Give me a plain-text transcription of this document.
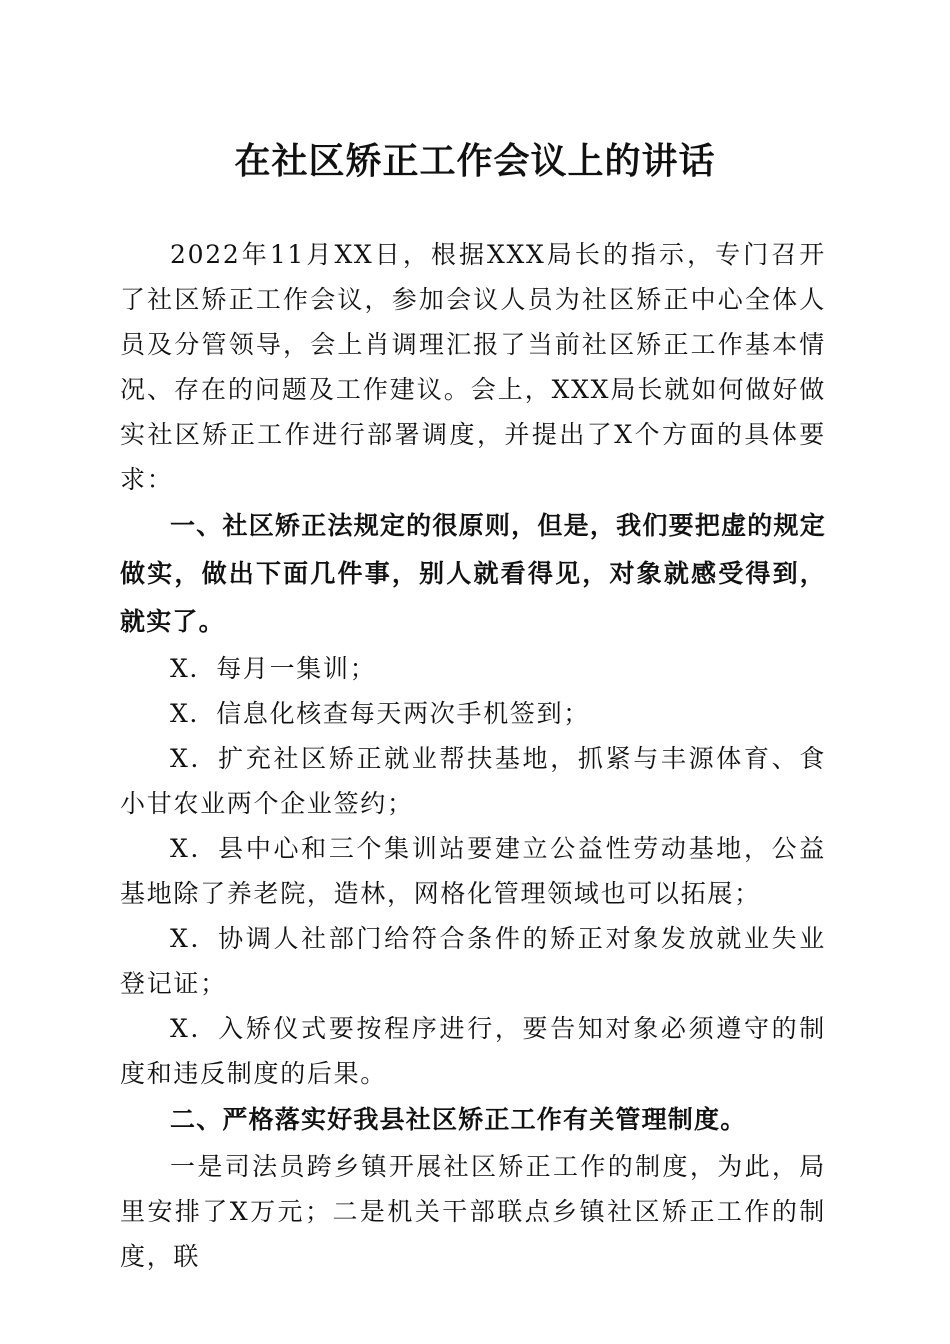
在社区矫正工作会议上的讲话

2022年11月XX日，根据XXX局长的指示，专门召开了社区矫正工作会议，参加会议人员为社区矫正中心全体人员及分管领导，会上肖调理汇报了当前社区矫正工作基本情况、存在的问题及工作建议。会上，XXX局长就如何做好做实社区矫正工作进行部署调度，并提出了X个方面的具体要求：

一、社区矫正法规定的很原则，但是，我们要把虚的规定做实，做出下面几件事，别人就看得见，对象就感受得到，就实了。

X．每月一集训；

X．信息化核查每天两次手机签到；

X．扩充社区矫正就业帮扶基地，抓紧与丰源体育、食小甘农业两个企业签约；

X．县中心和三个集训站要建立公益性劳动基地，公益基地除了养老院，造林，网格化管理领域也可以拓展；

X．协调人社部门给符合条件的矫正对象发放就业失业登记证；

X．入矫仪式要按程序进行，要告知对象必须遵守的制度和违反制度的后果。

二、严格落实好我县社区矫正工作有关管理制度。

一是司法员跨乡镇开展社区矫正工作的制度，为此，局里安排了X万元；二是机关干部联点乡镇社区矫正工作的制度，联
